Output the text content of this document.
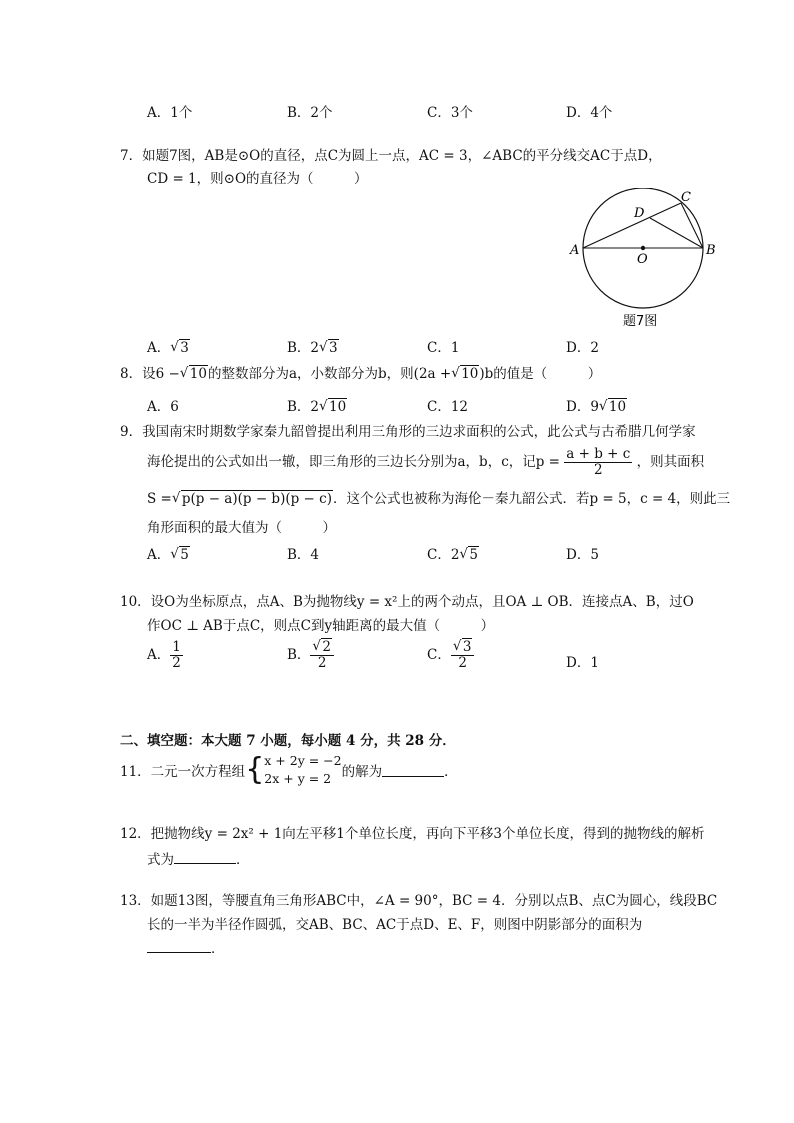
A．1个	B．2个	C．3个	D．4个
7．如题7图，AB是⊙O的直径，点C为圆上一点，AC = 3，∠ABC的平分线交AC于点D，
CD = 1，则⊙O的直径为（　　　）
A	B
C
D
O
题7图
A． √ 3	B．2 √ 3	C．1	D．2
8．设6 − √ 10的整数部分为a，小数部分为b，则(2a + √ 10)b的值是（　　　）
A．6	B．2 √ 10	C．12	D．9 √ 10
9．我国南宋时期数学家秦九韶曾提出利用三角形的三边求面积的公式，此公式与古希腊几何学家
海伦提出的公式如出一辙，即三角形的三边长分别为a，b，c，记$p = \frac{a + b + c}{2}$ ，则其面积
S = √ p(p − a)(p − b)(p − c)．这个公式也被称为海伦－秦九韶公式．若p = 5，c = 4，则此三
角形面积的最大值为（　　　）
A． √ 5	B．4	C．2 √ 5	D．5
10．设O为坐标原点，点A、B为抛物线y = x²上的两个动点，且OA ⊥ OB．连接点A、B，过O
作OC ⊥ AB于点C，则点C到y轴距离的最大值（　　　）
A． $\frac{1}{2}$	B． √ $\frac{2}{2}$	C． √ $\frac{3}{2}$	D．1
二、填空题：本大题 7 小题，每小题 4 分，共 28 分．
11．二元一次方程组 { x + 2y = −2
2x + y = 2 的解为	．
12．把抛物线y = 2x² + 1向左平移1个单位长度，再向下平移3个单位长度，得到的抛物线的解析
式为	．
13．如题13图，等腰直角三角形ABC中，∠A = 90°，BC = 4．分别以点B、点C为圆心，线段BC
长的一半为半径作圆弧，交AB、BC、AC于点D、E、F，则图中阴影部分的面积为
．
